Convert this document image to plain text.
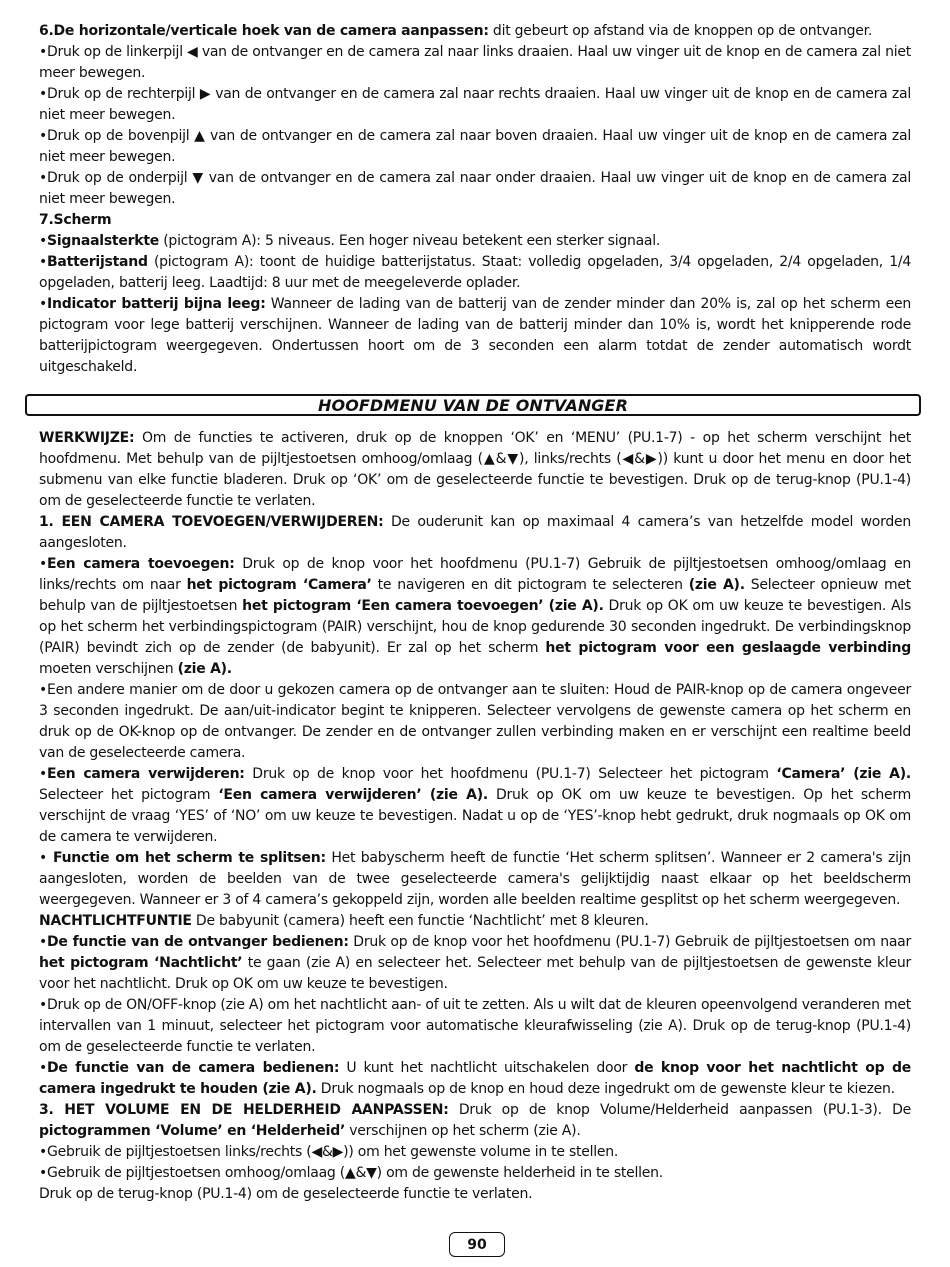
6.De horizontale/verticale hoek van de camera aanpassen: dit gebeurt op afstand via de knoppen op de ontvanger.

•Druk op de linkerpijl ◀ van de ontvanger en de camera zal naar links draaien. Haal uw vinger uit de knop en de camera zal niet meer bewegen.

•Druk op de rechterpijl ▶ van de ontvanger en de camera zal naar rechts draaien. Haal uw vinger uit de knop en de camera zal niet meer bewegen.

•Druk op de bovenpijl ▲ van de ontvanger en de camera zal naar boven draaien. Haal uw vinger uit de knop en de camera zal niet meer bewegen.

•Druk op de onderpijl ▼ van de ontvanger en de camera zal naar onder draaien. Haal uw vinger uit de knop en de camera zal niet meer bewegen.

7.Scherm

•Signaalsterkte (pictogram A): 5 niveaus. Een hoger niveau betekent een sterker signaal.

•Batterijstand (pictogram A): toont de huidige batterijstatus. Staat: volledig opgeladen, 3/4 opgeladen, 2/4 opgeladen, 1/4 opgeladen, batterij leeg. Laadtijd: 8 uur met de meegeleverde oplader.

•Indicator batterij bijna leeg: Wanneer de lading van de batterij van de zender minder dan 20% is, zal op het scherm een pictogram voor lege batterij verschijnen. Wanneer de lading van de batterij minder dan 10% is, wordt het knipperende rode batterijpictogram weergegeven. Ondertussen hoort om de 3 seconden een alarm totdat de zender automatisch wordt uitgeschakeld.

HOOFDMENU VAN DE ONTVANGER

WERKWIJZE: Om de functies te activeren, druk op de knoppen ‘OK’ en ‘MENU’ (PU.1-7) - op het scherm verschijnt het hoofdmenu. Met behulp van de pijltjestoetsen omhoog/omlaag (▲&▼), links/rechts (◀&▶)) kunt u door het menu en door het submenu van elke functie bladeren. Druk op ‘OK’ om de geselecteerde functie te bevestigen. Druk op de terug-knop (PU.1-4) om de geselecteerde functie te verlaten.

1. EEN CAMERA TOEVOEGEN/VERWIJDEREN: De ouderunit kan op maximaal 4 camera’s van hetzelfde model worden aangesloten.

•Een camera toevoegen: Druk op de knop voor het hoofdmenu (PU.1-7) Gebruik de pijltjestoetsen omhoog/omlaag en links/rechts om naar het pictogram ‘Camera’ te navigeren en dit pictogram te selecteren (zie A). Selecteer opnieuw met behulp van de pijltjestoetsen het pictogram ‘Een camera toevoegen’ (zie A). Druk op OK om uw keuze te bevestigen. Als op het scherm het verbindingspictogram (PAIR) verschijnt, hou de knop gedurende 30 seconden ingedrukt. De verbindingsknop (PAIR) bevindt zich op de zender (de babyunit). Er zal op het scherm het pictogram voor een geslaagde verbinding moeten verschijnen (zie A).

•Een andere manier om de door u gekozen camera op de ontvanger aan te sluiten: Houd de PAIR-knop op de camera ongeveer 3 seconden ingedrukt. De aan/uit-indicator begint te knipperen. Selecteer vervolgens de gewenste camera op het scherm en druk op de OK-knop op de ontvanger. De zender en de ontvanger zullen verbinding maken en er verschijnt een realtime beeld van de geselecteerde camera.

•Een camera verwijderen: Druk op de knop voor het hoofdmenu (PU.1-7) Selecteer het pictogram ‘Camera’ (zie A). Selecteer het pictogram ‘Een camera verwijderen’ (zie A). Druk op OK om uw keuze te bevestigen. Op het scherm verschijnt de vraag ‘YES’ of ‘NO’ om uw keuze te bevestigen. Nadat u op de ‘YES’-knop hebt gedrukt, druk nogmaals op OK om de camera te verwijderen.

• Functie om het scherm te splitsen: Het babyscherm heeft de functie ‘Het scherm splitsen’. Wanneer er 2 camera's zijn aangesloten, worden de beelden van de twee geselecteerde camera's gelijktijdig naast elkaar op het beeldscherm weergegeven. Wanneer er 3 of 4 camera’s gekoppeld zijn, worden alle beelden realtime gesplitst op het scherm weergegeven.

NACHTLICHTFUNTIE De babyunit (camera) heeft een functie ‘Nachtlicht’ met 8 kleuren.

•De functie van de ontvanger bedienen: Druk op de knop voor het hoofdmenu (PU.1-7) Gebruik de pijltjestoetsen om naar het pictogram ‘Nachtlicht’ te gaan (zie A) en selecteer het. Selecteer met behulp van de pijltjestoetsen de gewenste kleur voor het nachtlicht. Druk op OK om uw keuze te bevestigen.

•Druk op de ON/OFF-knop (zie A) om het nachtlicht aan- of uit te zetten. Als u wilt dat de kleuren opeenvolgend veranderen met intervallen van 1 minuut, selecteer het pictogram voor automatische kleurafwisseling (zie A). Druk op de terug-knop (PU.1-4) om de geselecteerde functie te verlaten.

•De functie van de camera bedienen: U kunt het nachtlicht uitschakelen door de knop voor het nachtlicht op de camera ingedrukt te houden (zie A). Druk nogmaals op de knop en houd deze ingedrukt om de gewenste kleur te kiezen.

3. HET VOLUME EN DE HELDERHEID AANPASSEN: Druk op de knop Volume/Helderheid aanpassen (PU.1-3). De pictogrammen ‘Volume’ en ‘Helderheid’ verschijnen op het scherm (zie A).

•Gebruik de pijltjestoetsen links/rechts (◀&▶)) om het gewenste volume in te stellen.

•Gebruik de pijltjestoetsen omhoog/omlaag (▲&▼) om de gewenste helderheid in te stellen.

Druk op de terug-knop (PU.1-4) om de geselecteerde functie te verlaten.

90
